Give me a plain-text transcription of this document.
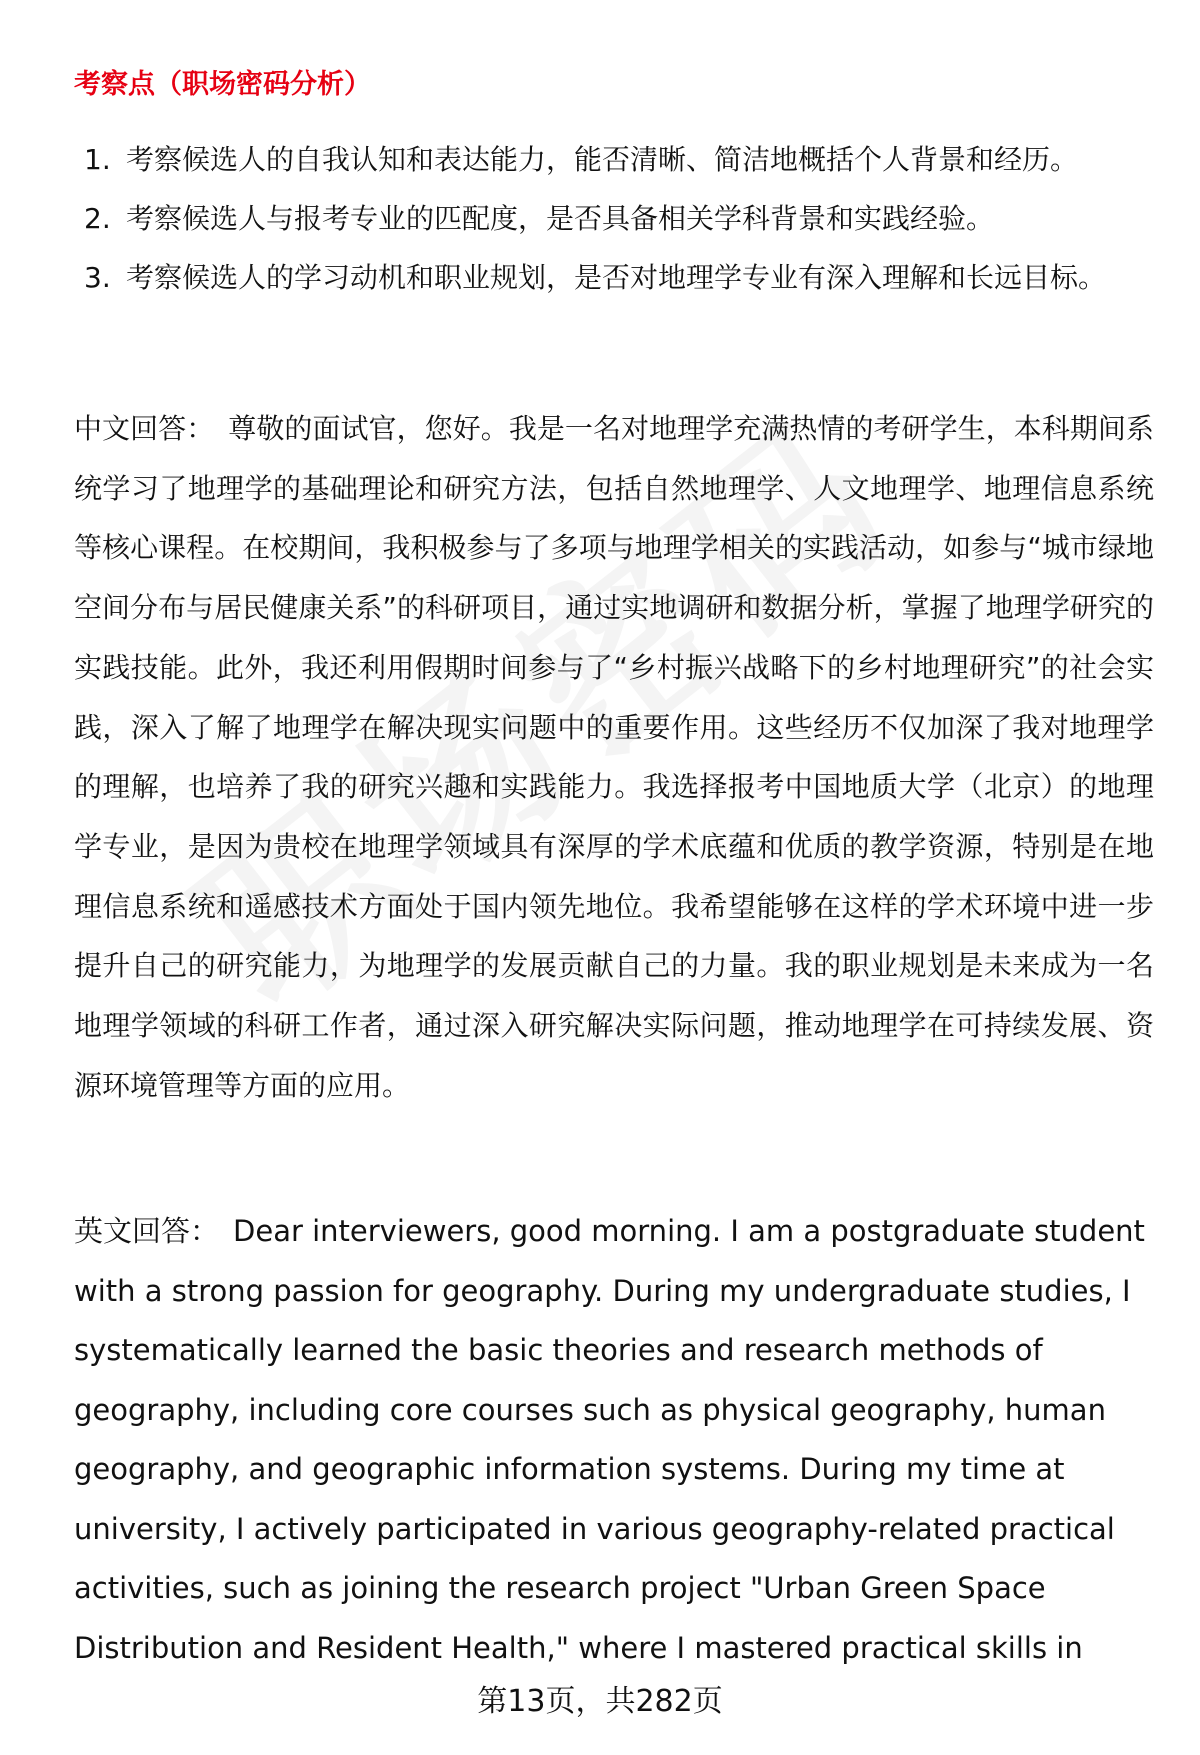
考察点（职场密码分析）
1. 考察候选人的自我认知和表达能力，能否清晰、简洁地概括个人背景和经历。
2. 考察候选人与报考专业的匹配度，是否具备相关学科背景和实践经验。
3. 考察候选人的学习动机和职业规划，是否对地理学专业有深入理解和长远目标。

中文回答： 尊敬的面试官，您好。我是一名对地理学充满热情的考研学生，本科期间系统学习了地理学的基础理论和研究方法，包括自然地理学、人文地理学、地理信息系统等核心课程。在校期间，我积极参与了多项与地理学相关的实践活动，如参与“城市绿地空间分布与居民健康关系”的科研项目，通过实地调研和数据分析，掌握了地理学研究的实践技能。此外，我还利用假期时间参与了“乡村振兴战略下的乡村地理研究”的社会实践，深入了解了地理学在解决现实问题中的重要作用。这些经历不仅加深了我对地理学的理解，也培养了我的研究兴趣和实践能力。我选择报考中国地质大学（北京）的地理学专业，是因为贵校在地理学领域具有深厚的学术底蕴和优质的教学资源，特别是在地理信息系统和遥感技术方面处于国内领先地位。我希望能够在这样的学术环境中进一步提升自己的研究能力，为地理学的发展贡献自己的力量。我的职业规划是未来成为一名地理学领域的科研工作者，通过深入研究解决实际问题，推动地理学在可持续发展、资源环境管理等方面的应用。

英文回答： Dear interviewers, good morning. I am a postgraduate student with a strong passion for geography. During my undergraduate studies, I systematically learned the basic theories and research methods of geography, including core courses such as physical geography, human geography, and geographic information systems. During my time at university, I actively participated in various geography-related practical activities, such as joining the research project "Urban Green Space Distribution and Resident Health," where I mastered practical skills in

第13页，共282页
